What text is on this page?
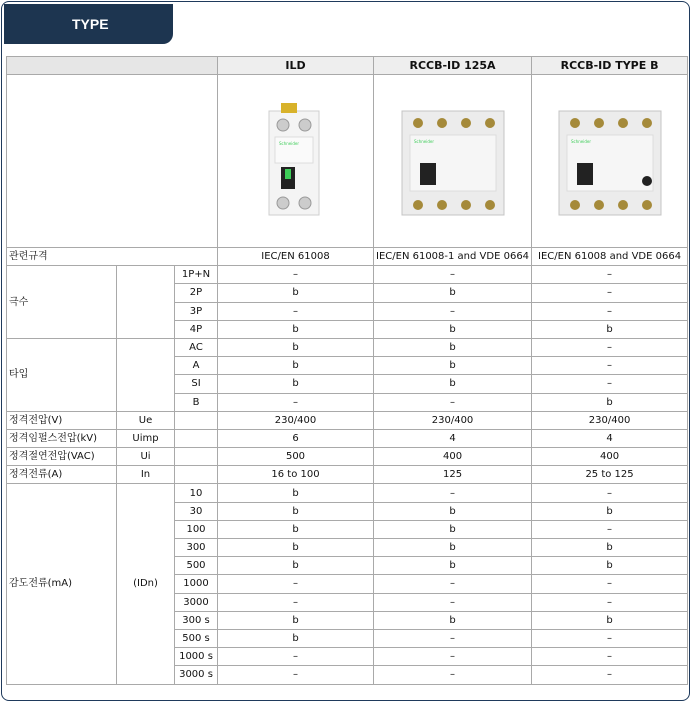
TYPE
			ILD	RCCB-ID 125A	RCCB-ID TYPE B

Schneider	Schneider	Schneider

관련규격			IEC/EN 61008	IEC/EN 61008-1 and VDE 0664	IEC/EN 61008 and VDE 0664
극수		1P+N	–	–	–
		2P	b	b	–
		3P	–	–	–
		4P	b	b	b
타입		AC	b	b	–
		A	b	b	–
		SI	b	b	–
		B	–	–	b
정격전압(V)	Ue		230/400	230/400	230/400
정격임펄스전압(kV)	Uimp		6	4	4
정격절연전압(VAC)	Ui		500	400	400
정격전류(A)	In		16 to 100	125	25 to 125
감도전류(mA)	(IDn)	10	b	–	–
		30	b	b	b
		100	b	b	–
		300	b	b	b
		500	b	b	b
		1000	–	–	–
		3000	–	–	–
		300 s	b	b	b
		500 s	b	–	–
		1000 s	–	–	–
		3000 s	–	–	–
